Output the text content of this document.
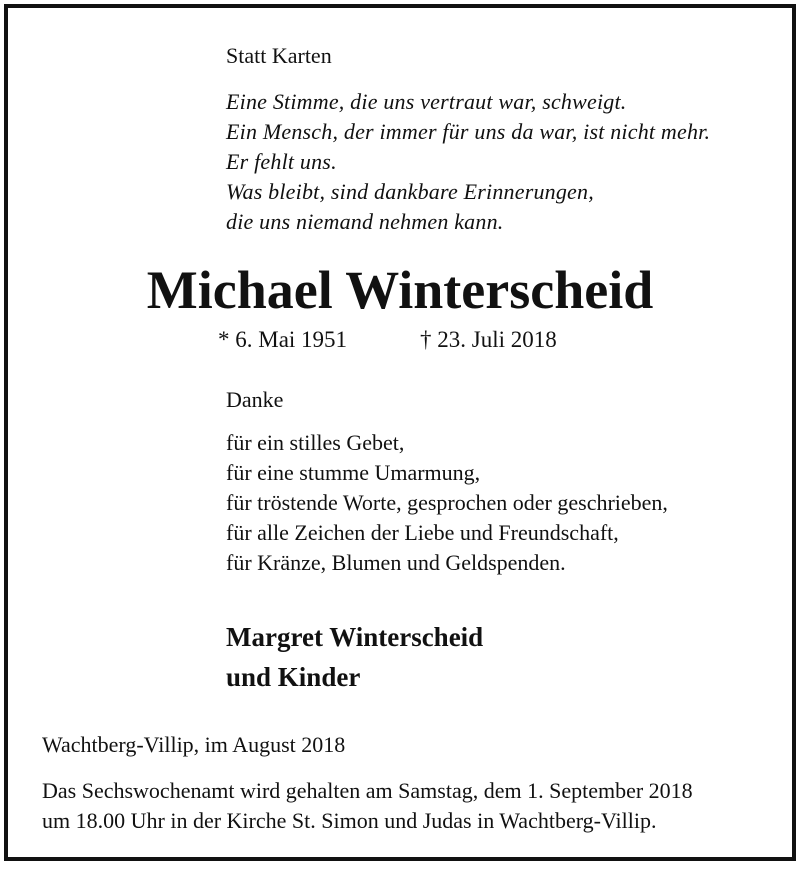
Statt Karten
Eine Stimme, die uns vertraut war, schweigt.
Ein Mensch, der immer für uns da war, ist nicht mehr.
Er fehlt uns.
Was bleibt, sind dankbare Erinnerungen,
die uns niemand nehmen kann.
Michael Winterscheid
* 6. Mai 1951	† 23. Juli 2018
Danke
für ein stilles Gebet,
für eine stumme Umarmung,
für tröstende Worte, gesprochen oder geschrieben,
für alle Zeichen der Liebe und Freundschaft,
für Kränze, Blumen und Geldspenden.
Margret Winterscheid
und Kinder
Wachtberg-Villip, im August 2018
Das Sechswochenamt wird gehalten am Samstag, dem 1. September 2018
um 18.00 Uhr in der Kirche St. Simon und Judas in Wachtberg-Villip.
